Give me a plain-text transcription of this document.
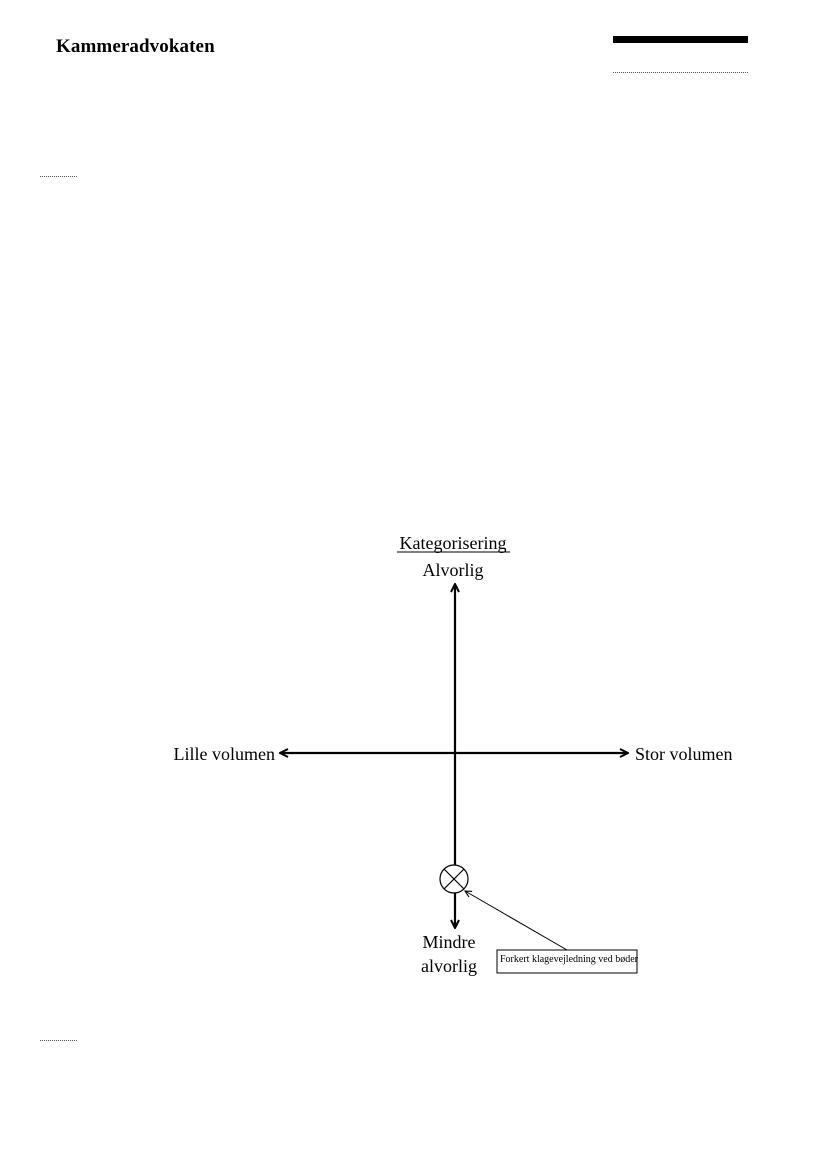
Kammeradvokaten
Kategorisering
Alvorlig
Lille volumen	Stor volumen
Mindre
alvorlig Forkert klagevejledning ved bøder
